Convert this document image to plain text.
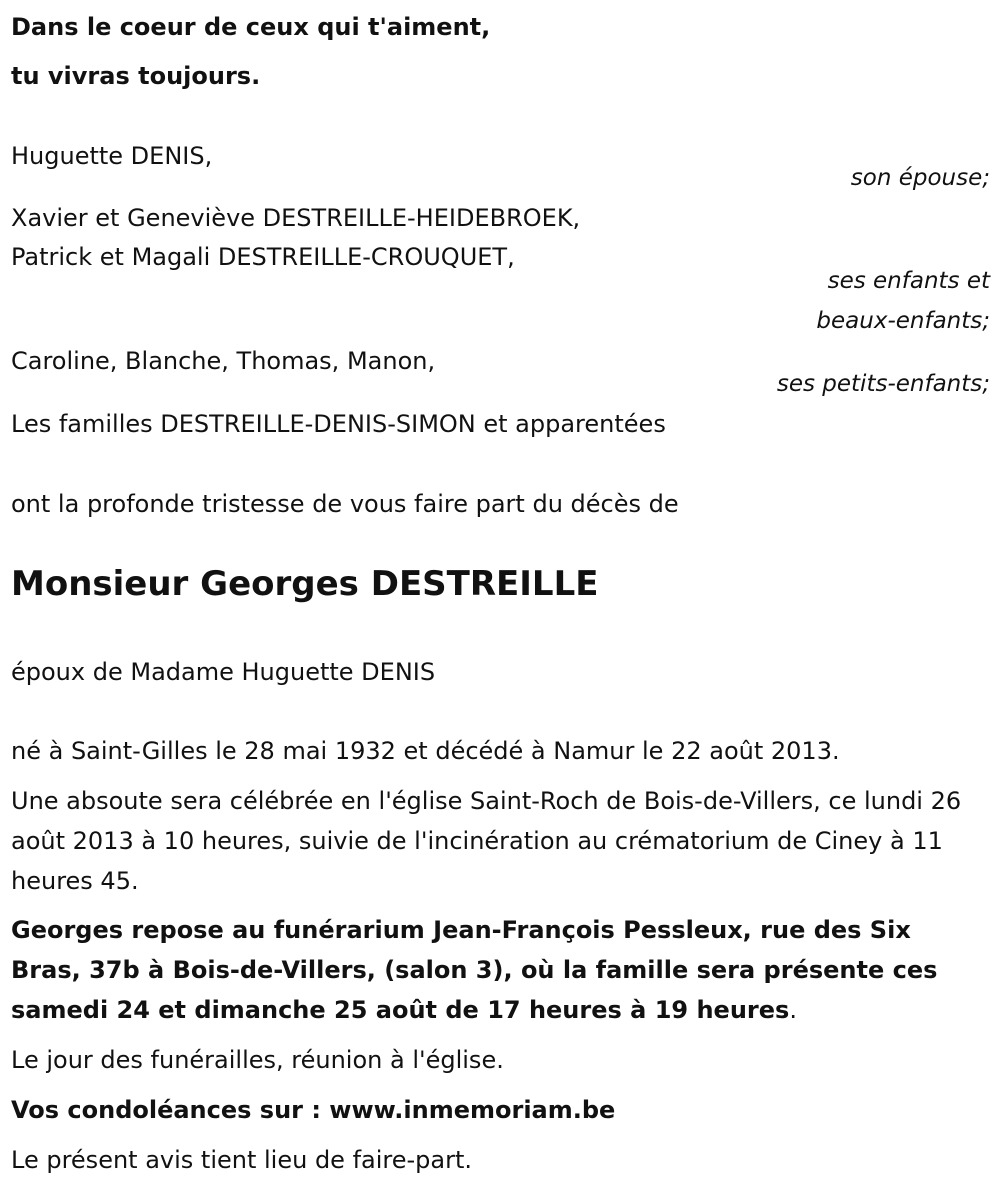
Dans le coeur de ceux qui t'aiment,
tu vivras toujours.
Huguette DENIS,
son épouse;
Xavier et Geneviève DESTREILLE-HEIDEBROEK,
Patrick et Magali DESTREILLE-CROUQUET,
ses enfants et
beaux-enfants;
Caroline, Blanche, Thomas, Manon,
ses petits-enfants;
Les familles DESTREILLE-DENIS-SIMON et apparentées
ont la profonde tristesse de vous faire part du décès de
Monsieur Georges DESTREILLE
époux de Madame Huguette DENIS
né à Saint-Gilles le 28 mai 1932 et décédé à Namur le 22 août 2013.
Une absoute sera célébrée en l'église Saint-Roch de Bois-de-Villers, ce lundi 26 août 2013 à 10 heures, suivie de l'incinération au crématorium de Ciney à 11 heures 45.
Georges repose au funérarium Jean-François Pessleux, rue des Six Bras, 37b à Bois-de-Villers, (salon 3), où la famille sera présente ces samedi 24 et dimanche 25 août de 17 heures à 19 heures.
Le jour des funérailles, réunion à l'église.
Vos condoléances sur : www.inmemoriam.be
Le présent avis tient lieu de faire-part.
